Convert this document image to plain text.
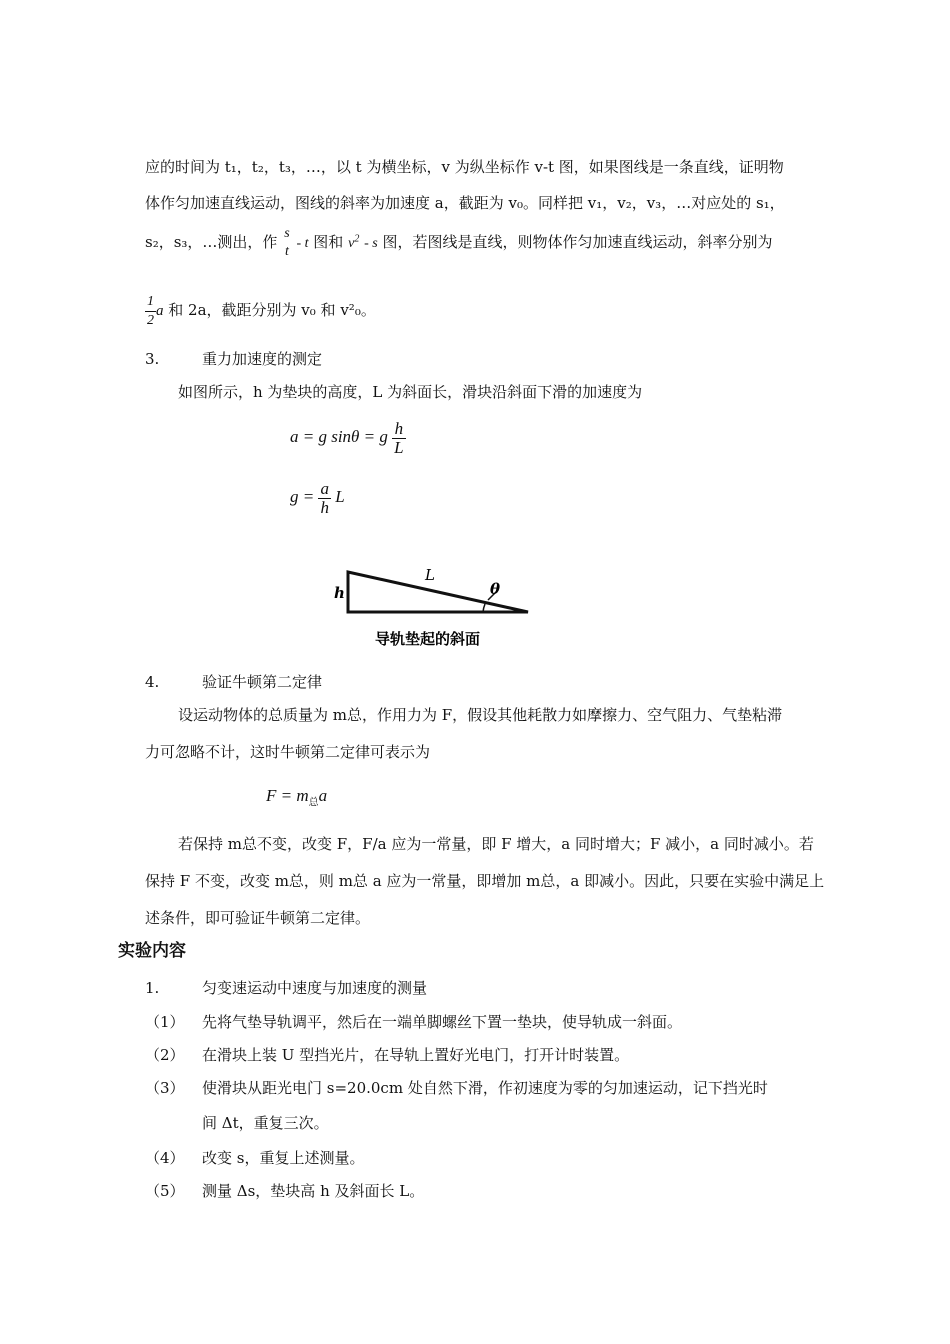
应的时间为 t₁，t₂，t₃，…，以 t 为横坐标，v 为纵坐标作 v-t 图，如果图线是一条直线，证明物
体作匀加速直线运动，图线的斜率为加速度 a，截距为 v₀。同样把 v₁，v₂，v₃，…对应处的 s₁，
s₂，s₃，…测出，作 s
t
- t 图和 $v^2$ - s 图，若图线是直线，则物体作匀加速直线运动，斜率分别为
$\frac{1}{2}$ a 和 2a，截距分别为 v₀ 和 v²₀。
3.	重力加速度的测定
如图所示，h 为垫块的高度，L 为斜面长，滑块沿斜面下滑的加速度为
a = g sinθ = g $\frac{h}{L}$
$g = \frac{a}{h}$ L
h
L
θ
导轨垫起的斜面
4.	验证牛顿第二定律
设运动物体的总质量为 m总，作用力为 F，假设其他耗散力如摩擦力、空气阻力、气垫粘滞
力可忽略不计，这时牛顿第二定律可表示为
$F = m_总a$
若保持 m总不变，改变 F，F/a 应为一常量，即 F 增大，a 同时增大；F 减小，a 同时减小。若
保持 F 不变，改变 m总，则 m总 a 应为一常量，即增加 m总，a 即减小。因此，只要在实验中满足上
述条件，即可验证牛顿第二定律。
实验内容
1.	匀变速运动中速度与加速度的测量
（1） 先将气垫导轨调平，然后在一端单脚螺丝下置一垫块，使导轨成一斜面。
（2） 在滑块上装 U 型挡光片，在导轨上置好光电门，打开计时装置。
（3） 使滑块从距光电门 s=20.0cm 处自然下滑，作初速度为零的匀加速运动，记下挡光时
间 Δt，重复三次。
（4） 改变 s，重复上述测量。
（5） 测量 Δs，垫块高 h 及斜面长 L。
